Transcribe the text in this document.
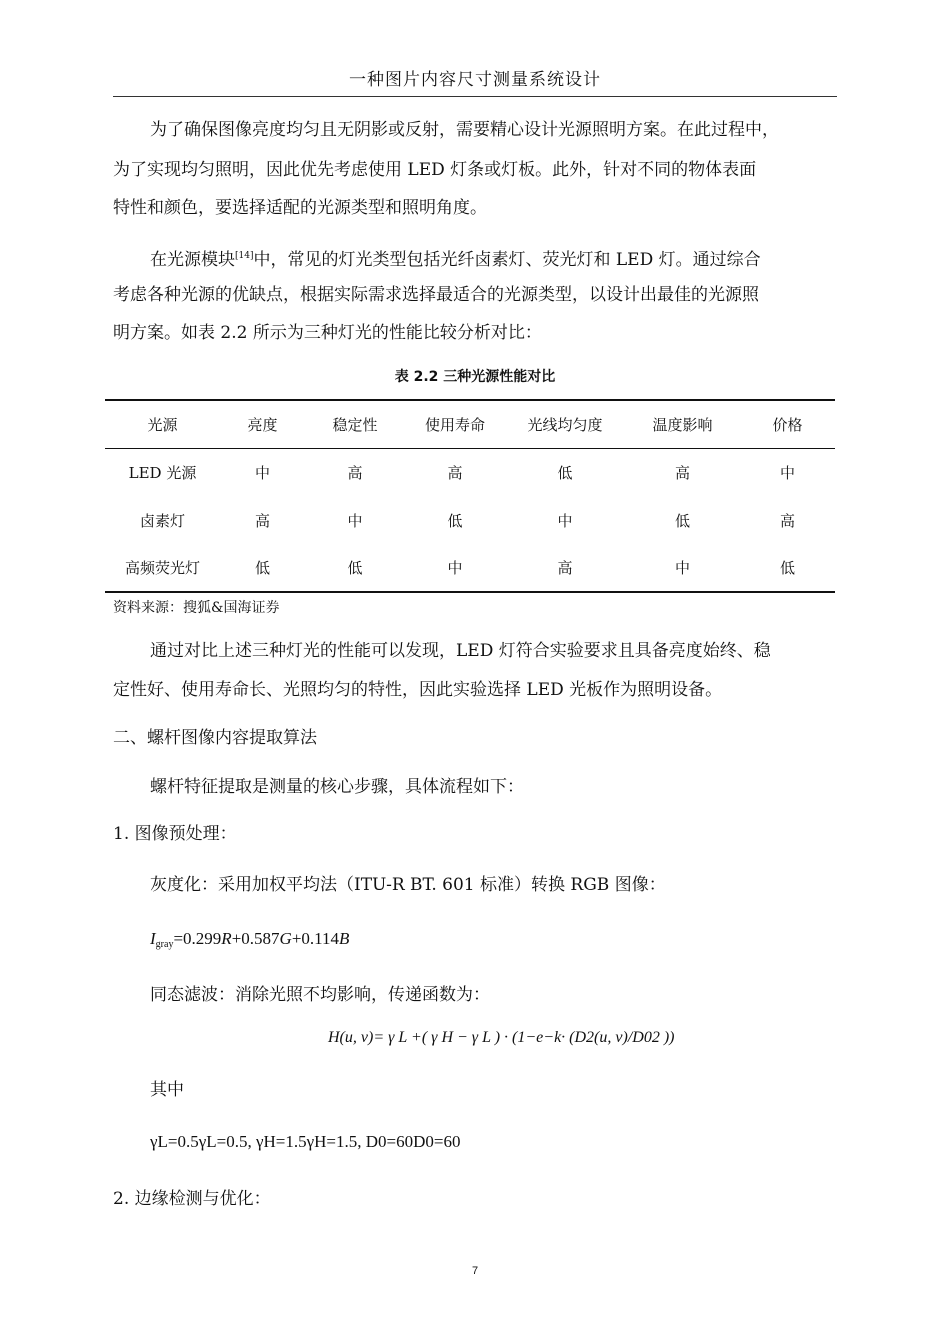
一种图片内容尺寸测量系统设计
为了确保图像亮度均匀且无阴影或反射，需要精心设计光源照明方案。在此过程中，
为了实现均匀照明，因此优先考虑使用 LED 灯条或灯板。此外，针对不同的物体表面
特性和颜色，要选择适配的光源类型和照明角度。
在光源模块[14]中，常见的灯光类型包括光纤卤素灯、荧光灯和 LED 灯。通过综合
考虑各种光源的优缺点，根据实际需求选择最适合的光源类型，以设计出最佳的光源照
明方案。如表 2.2 所示为三种灯光的性能比较分析对比：
表 2.2 三种光源性能对比
光源	亮度	稳定性	使用寿命	光线均匀度	温度影响	价格
LED 光源	中	高	高	低	高	中
卤素灯	高	中	低	中	低	高
高频荧光灯	低	低	中	高	中	低
资料来源：搜狐&国海证券
通过对比上述三种灯光的性能可以发现，LED 灯符合实验要求且具备亮度始终、稳
定性好、使用寿命长、光照均匀的特性，因此实验选择 LED 光板作为照明设备。
二、螺杆图像内容提取算法
螺杆特征提取是测量的核心步骤，具体流程如下：
1. 图像预处理：
灰度化：采用加权平均法（ITU-R BT. 601 标准）转换 RGB 图像：
$I_{gray}=0.299R+0.587G+0.114B$
同态滤波：消除光照不均影响，传递函数为：
H(u, v)= γ L +( γ H − γ L ) · (1−e−k· (D2(u, v)/D02 ))
其中
γL=0.5γL=0.5, γH=1.5γH=1.5, D0=60D0=60
2. 边缘检测与优化：
7
